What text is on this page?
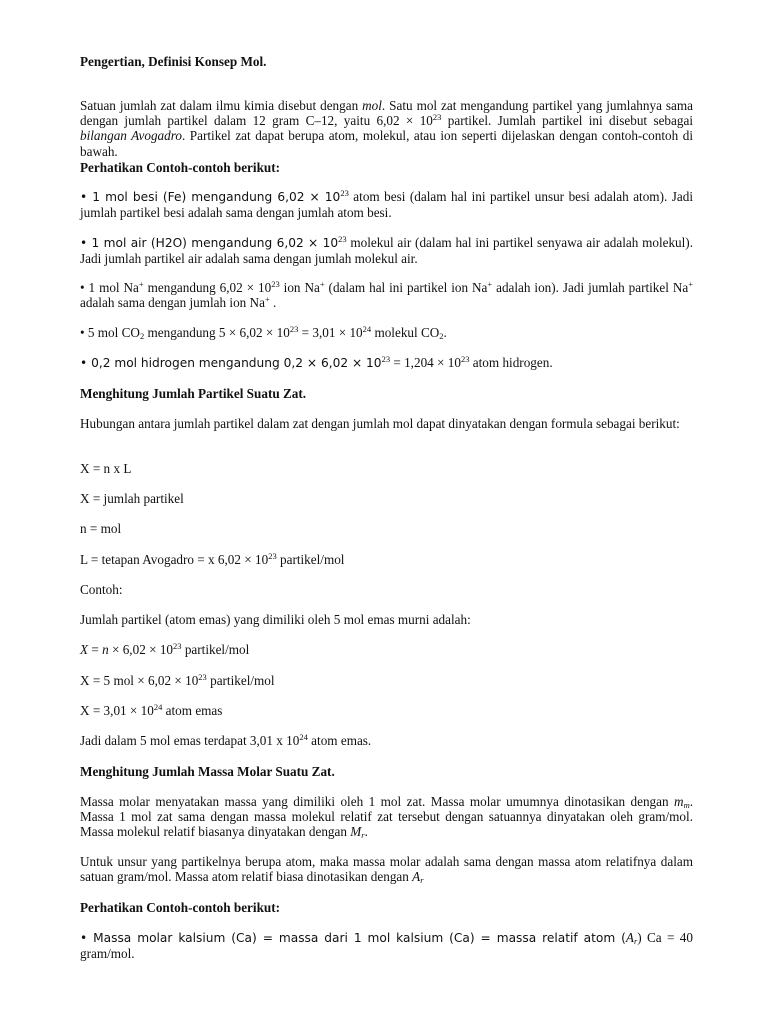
Pengertian, Definisi Konsep Mol.

Satuan jumlah zat dalam ilmu kimia disebut dengan mol. Satu mol zat mengandung partikel yang jumlahnya sama dengan jumlah partikel dalam 12 gram C–12, yaitu $6,02 \times 10^{23}$ partikel. Jumlah partikel ini disebut sebagai bilangan Avogadro. Partikel zat dapat berupa atom, molekul, atau ion seperti dijelaskan dengan contoh-contoh di bawah.

Perhatikan Contoh-contoh berikut:

• 1 mol besi (Fe) mengandung $6,02 \times 10^{23}$ atom besi (dalam hal ini partikel unsur besi adalah atom). Jadi jumlah partikel besi adalah sama dengan jumlah atom besi.

• 1 mol air (H2O) mengandung $6,02 \times 10^{23}$ molekul air (dalam hal ini partikel senyawa air adalah molekul). Jadi jumlah partikel air adalah sama dengan jumlah molekul air.

• 1 mol Na+ mengandung $6,02 \times 10^{23}$ ion Na+ (dalam hal ini partikel ion Na+ adalah ion). Jadi jumlah partikel Na+ adalah sama dengan jumlah ion Na+ .

• 5 mol $CO_2$ mengandung $5 \times 6,02 \times 10^{23} = 3,01 \times 10^{24}$ molekul $CO_2$.

• 0,2 mol hidrogen mengandung $0,2 \times 6,02 \times 10^{23} = 1,204 \times 10^{23}$ atom hidrogen.

Menghitung Jumlah Partikel Suatu Zat.

Hubungan antara jumlah partikel dalam zat dengan jumlah mol dapat dinyatakan dengan formula sebagai berikut:

X = n x L

X = jumlah partikel

n = mol

L = tetapan Avogadro = x $6,02 \times 10^{23}$ partikel/mol

Contoh:

Jumlah partikel (atom emas) yang dimiliki oleh 5 mol emas murni adalah:

$X = n \times 6,02 \times 10^{23}$ partikel/mol

X = 5 mol × $6,02 \times 10^{23}$ partikel/mol

$X = 3,01 \times 10^{24}$ atom emas

Jadi dalam 5 mol emas terdapat 3,01 x $10^{24}$ atom emas.

Menghitung Jumlah Massa Molar Suatu Zat.

Massa molar menyatakan massa yang dimiliki oleh 1 mol zat. Massa molar umumnya dinotasikan dengan $m_m$. Massa 1 mol zat sama dengan massa molekul relatif zat tersebut dengan satuannya dinyatakan oleh gram/mol. Massa molekul relatif biasanya dinyatakan dengan $M_r$.

Untuk unsur yang partikelnya berupa atom, maka massa molar adalah sama dengan massa atom relatifnya dalam satuan gram/mol. Massa atom relatif biasa dinotasikan dengan $A_r$

Perhatikan Contoh-contoh berikut:

• Massa molar kalsium (Ca) = massa dari 1 mol kalsium (Ca) = massa relatif atom $(A_r) Ca = 40$ gram/mol.
